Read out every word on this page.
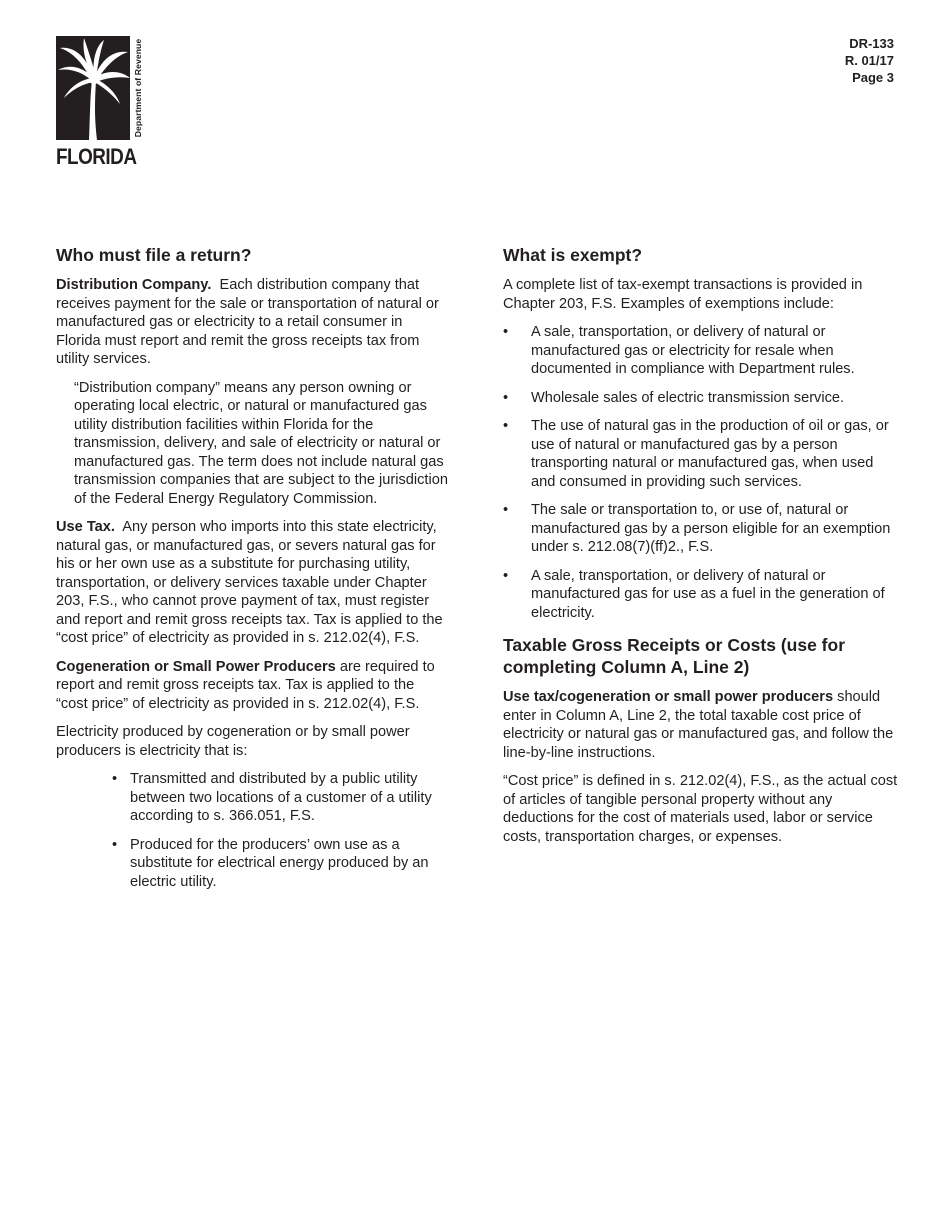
Department of Revenue
FLORIDA
DR-133
R. 01/17
Page 3
Who must file a return?

Distribution Company. Each distribution company that receives payment for the sale or transportation of natural or manufactured gas or electricity to a retail consumer in Florida must report and remit the gross receipts tax from utility services.

“Distribution company” means any person owning or operating local electric, or natural or manufactured gas utility distribution facilities within Florida for the transmission, delivery, and sale of electricity or natural or manufactured gas. The term does not include natural gas transmission companies that are subject to the jurisdiction of the Federal Energy Regulatory Commission.

Use Tax. Any person who imports into this state electricity, natural gas, or manufactured gas, or severs natural gas for his or her own use as a substitute for purchasing utility, transportation, or delivery services taxable under Chapter 203, F.S., who cannot prove payment of tax, must register and report and remit gross receipts tax. Tax is applied to the “cost price” of electricity as provided in s. 212.02(4), F.S.

Cogeneration or Small Power Producers are required to report and remit gross receipts tax. Tax is applied to the “cost price” of electricity as provided in s. 212.02(4), F.S.

Electricity produced by cogeneration or by small power producers is electricity that is:

• Transmitted and distributed by a public utility between two locations of a customer of a utility according to s. 366.051, F.S.
• Produced for the producers’ own use as a substitute for electrical energy produced by an electric utility.
What is exempt?

A complete list of tax-exempt transactions is provided in Chapter 203, F.S. Examples of exemptions include:

• A sale, transportation, or delivery of natural or manufactured gas or electricity for resale when documented in compliance with Department rules.
• Wholesale sales of electric transmission service.
• The use of natural gas in the production of oil or gas, or use of natural or manufactured gas by a person transporting natural or manufactured gas, when used and consumed in providing such services.
• The sale or transportation to, or use of, natural or manufactured gas by a person eligible for an exemption under s. 212.08(7)(ff)2., F.S.
• A sale, transportation, or delivery of natural or manufactured gas for use as a fuel in the generation of electricity.
Taxable Gross Receipts or Costs (use for completing Column A, Line 2)

Use tax/cogeneration or small power producers should enter in Column A, Line 2, the total taxable cost price of electricity or natural gas or manufactured gas, and follow the line-by-line instructions.

“Cost price” is defined in s. 212.02(4), F.S., as the actual cost of articles of tangible personal property without any deductions for the cost of materials used, labor or service costs, transportation charges, or expenses.
